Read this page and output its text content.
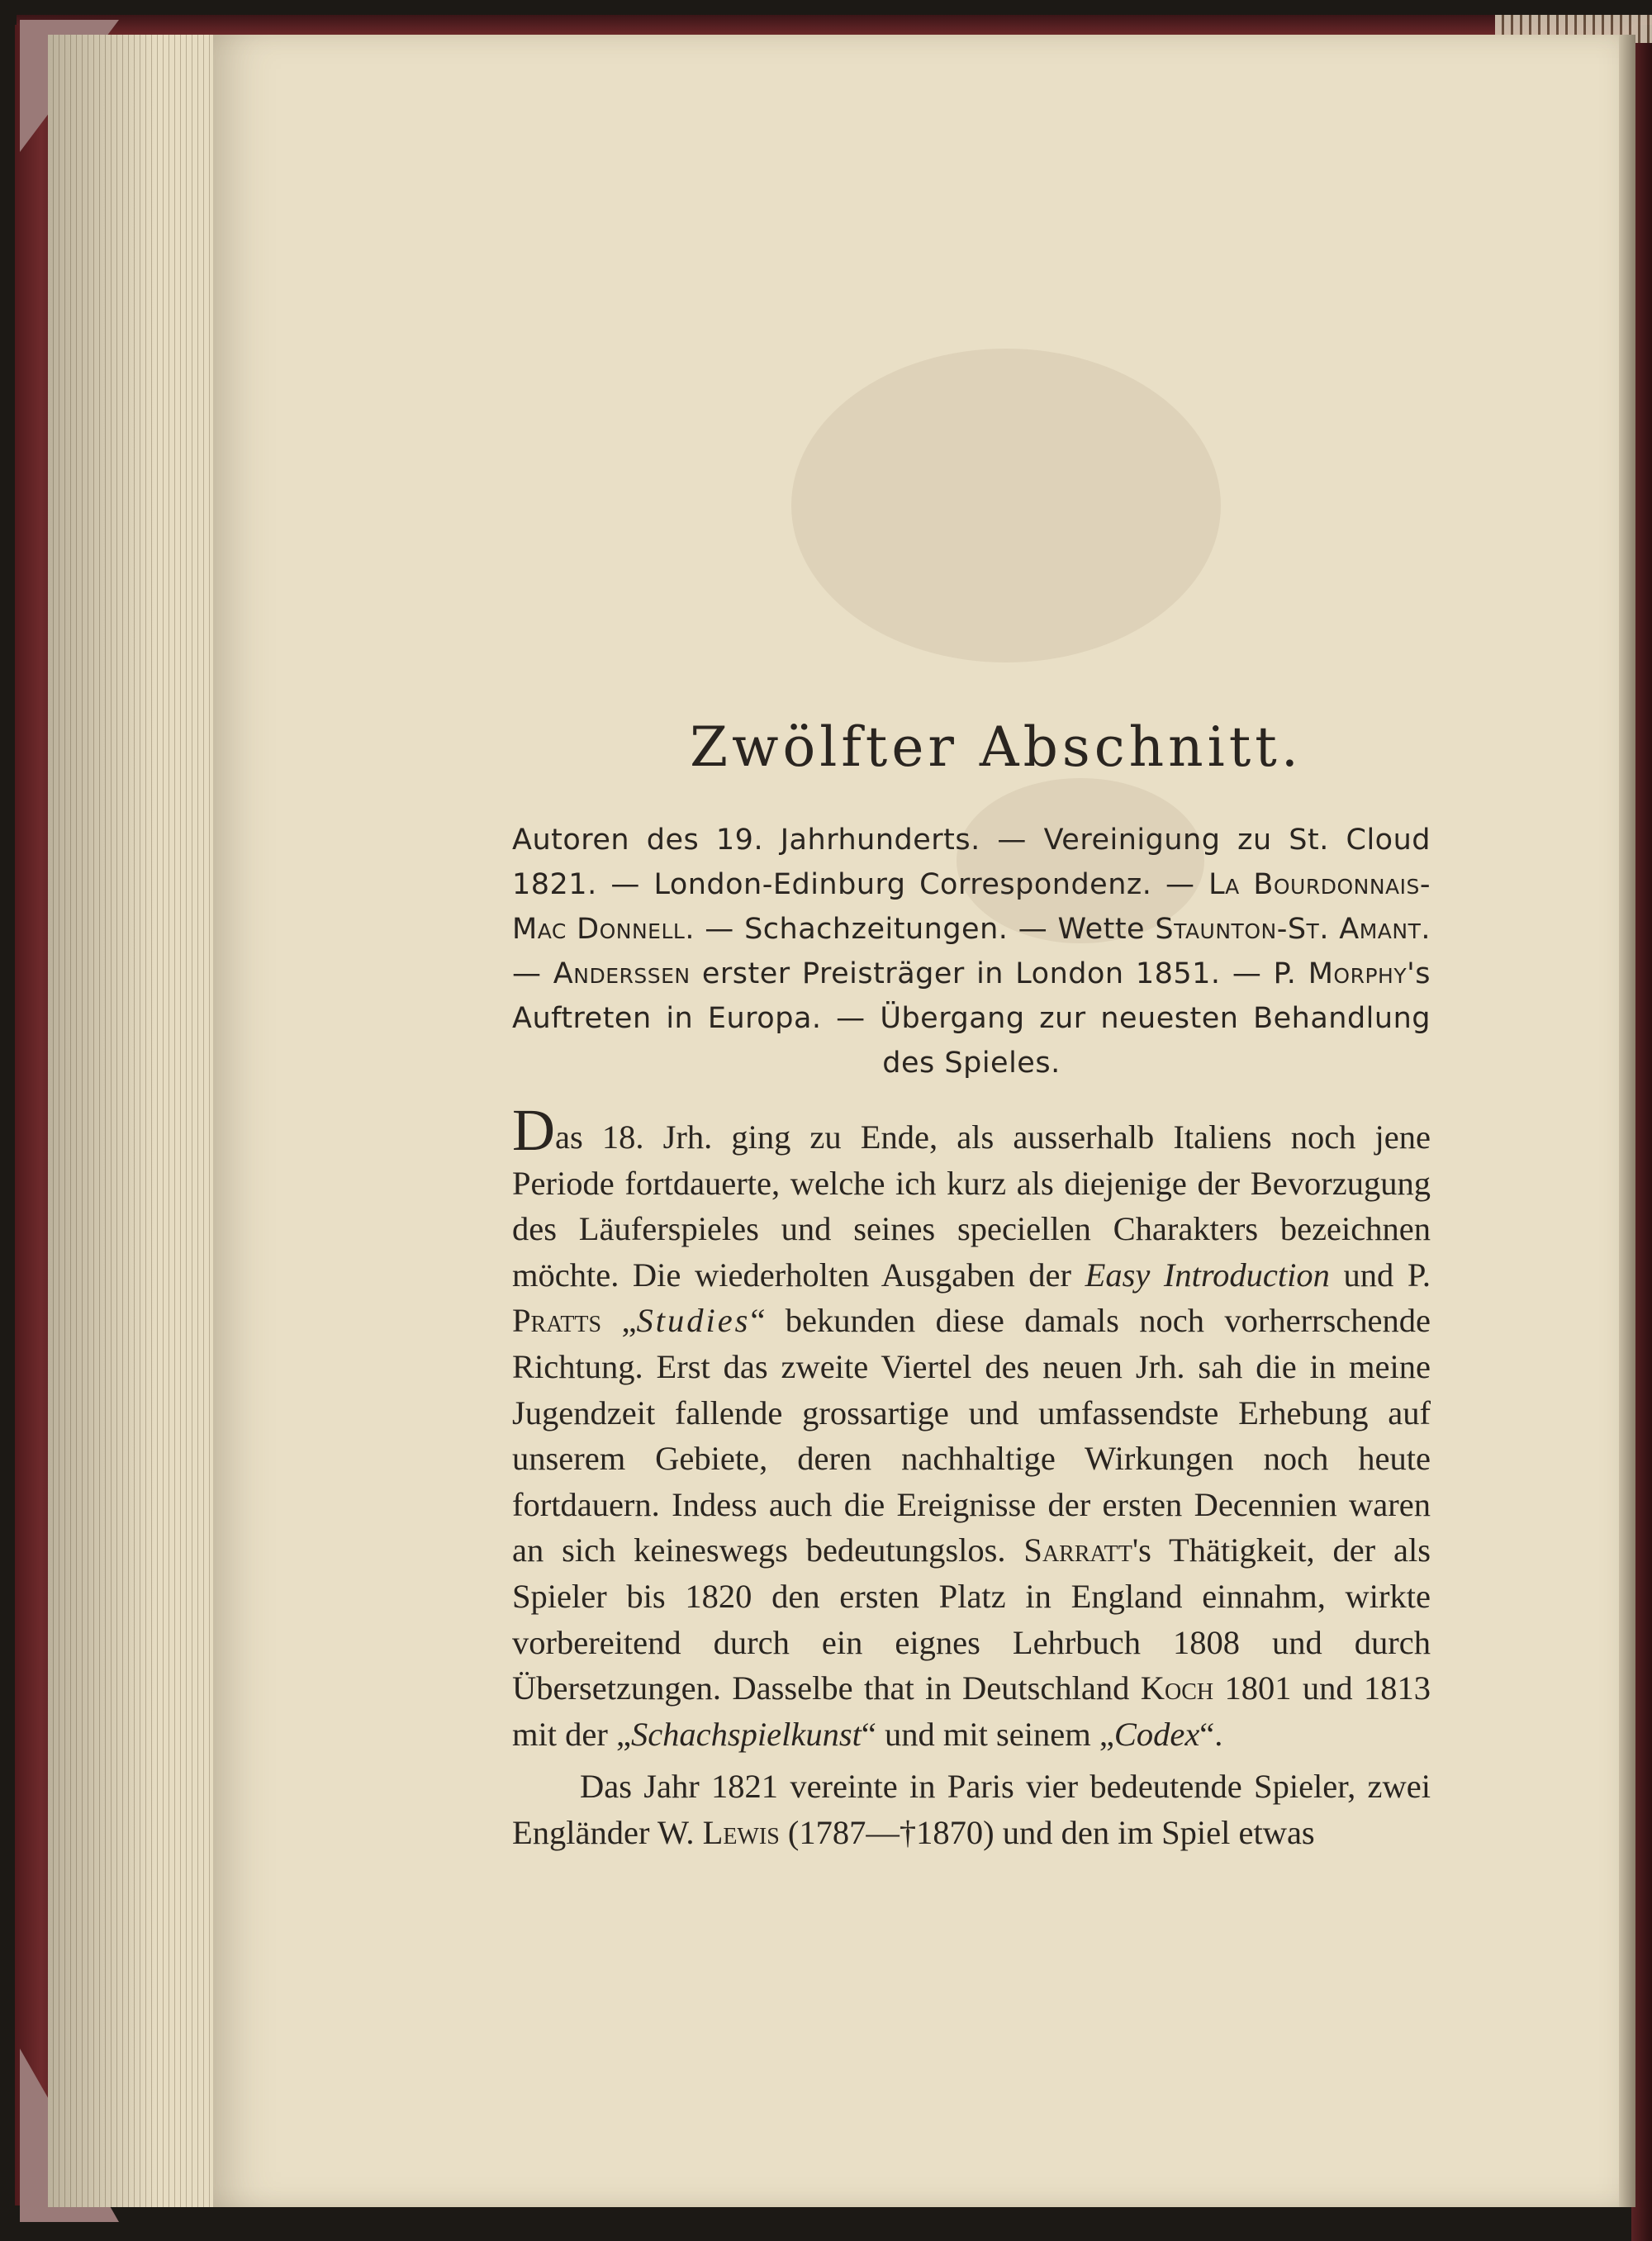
Zwölfter Abschnitt.

Autoren des 19. Jahrhunderts. — Vereinigung zu St. Cloud 1821. — London-Edinburg Correspondenz. — La Bourdonnais-Mac Donnell. — Schachzeitungen. — Wette Staunton-St. Amant. — Anderssen erster Preisträger in London 1851. — P. Morphy's Auftreten in Europa. — Übergang zur neuesten Behandlung des Spieles.

Das 18. Jrh. ging zu Ende, als ausserhalb Italiens noch jene Periode fortdauerte, welche ich kurz als diejenige der Bevorzugung des Läuferspieles und seines speciellen Charakters bezeichnen möchte. Die wiederholten Ausgaben der Easy Introduction und P. Pratts „Studies“ bekunden diese damals noch vorherrschende Richtung. Erst das zweite Viertel des neuen Jrh. sah die in meine Jugendzeit fallende grossartige und umfassendste Erhebung auf unserem Gebiete, deren nachhaltige Wirkungen noch heute fortdauern. Indess auch die Ereignisse der ersten Decennien waren an sich keineswegs bedeutungslos. Sarratt's Thätigkeit, der als Spieler bis 1820 den ersten Platz in England einnahm, wirkte vorbereitend durch ein eignes Lehrbuch 1808 und durch Übersetzungen. Dasselbe that in Deutschland Koch 1801 und 1813 mit der „Schachspielkunst“ und mit seinem „Codex“.

Das Jahr 1821 vereinte in Paris vier bedeutende Spieler, zwei Engländer W. Lewis (1787—†1870) und den im Spiel etwas
